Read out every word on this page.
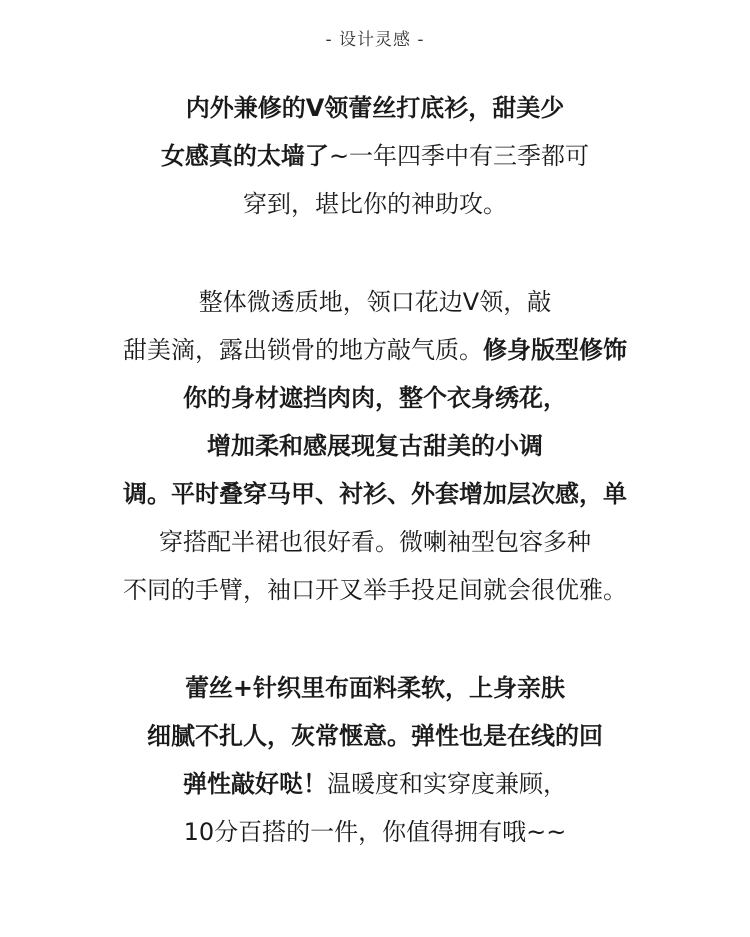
- 设计灵感 -
内外兼修的V领蕾丝打底衫，甜美少
女感真的太墙了~一年四季中有三季都可
穿到，堪比你的神助攻。
整体微透质地，领口花边V领，敲
甜美滴，露出锁骨的地方敲气质。修身版型修饰
你的身材遮挡肉肉，整个衣身绣花，
增加柔和感展现复古甜美的小调
调。平时叠穿马甲、衬衫、外套增加层次感，单
穿搭配半裙也很好看。微喇袖型包容多种
不同的手臂，袖口开叉举手投足间就会很优雅。
蕾丝+针织里布面料柔软，上身亲肤
细腻不扎人，灰常惬意。弹性也是在线的回
弹性敲好哒！温暖度和实穿度兼顾，
10分百搭的一件，你值得拥有哦~~
